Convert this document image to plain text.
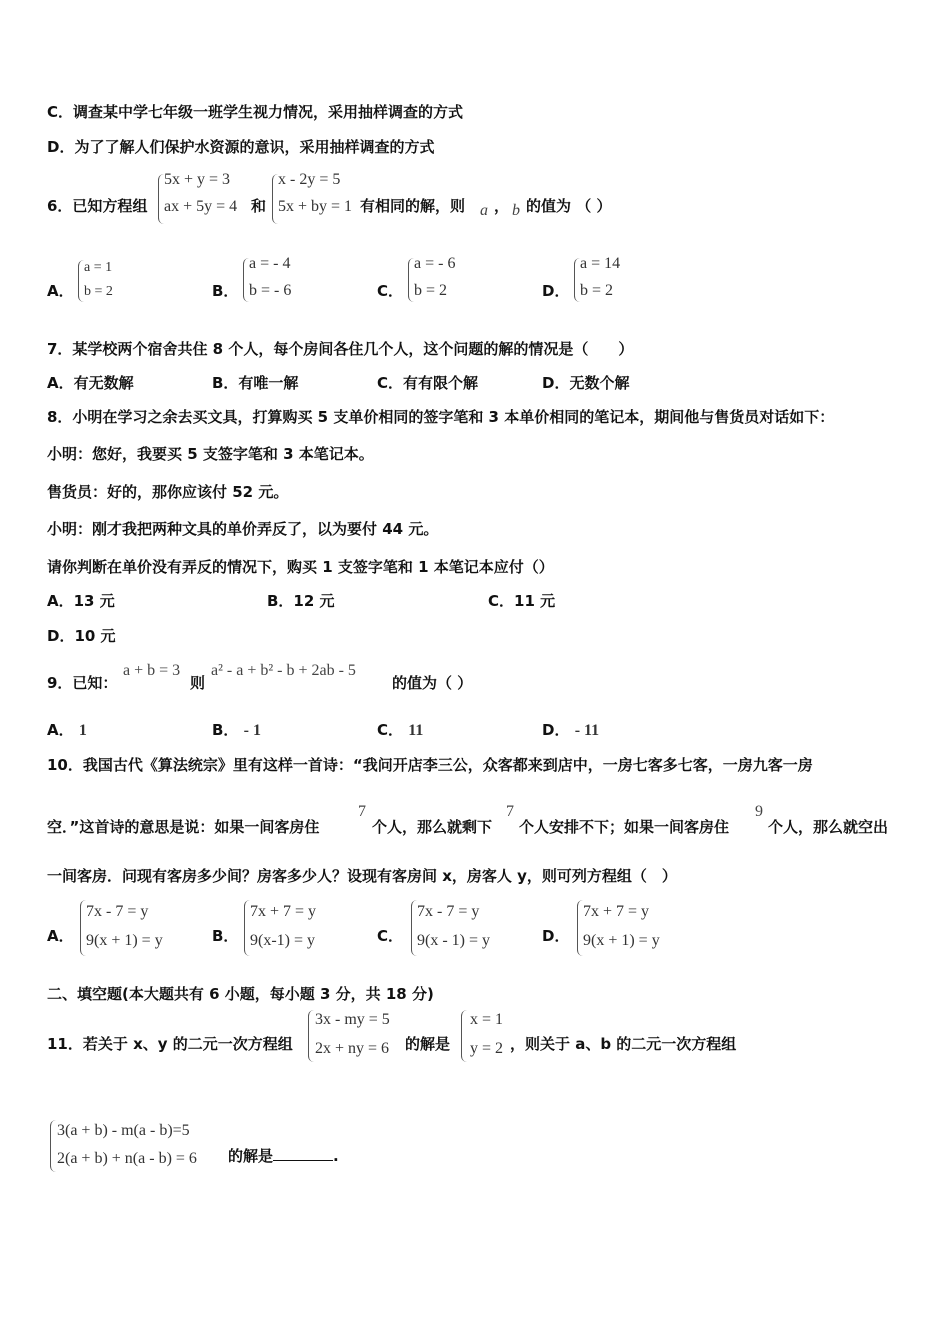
C．调查某中学七年级一班学生视力情况，采用抽样调查的方式
D．为了了解人们保护水资源的意识，采用抽样调查的方式
6．已知方程组
5x + y = 3
ax + 5y = 4 和
x - 2y = 5
5x + by = 1 有相同的解，则 a ， b 的值为 （ ）
A．
a = 1
b = 2	B．
a = - 4
b = - 6	C．
a = - 6
b = 2	D．
a = 14
b = 2
7．某学校两个宿舍共住 8 个人，每个房间各住几个人，这个问题的解的情况是（　　）
A．有无数解	B．有唯一解	C．有有限个解	D．无数个解
8．小明在学习之余去买文具，打算购买 5 支单价相同的签字笔和 3 本单价相同的笔记本，期间他与售货员对话如下：
小明：您好，我要买 5 支签字笔和 3 本笔记本。
售货员：好的，那你应该付 52 元。
小明：刚才我把两种文具的单价弄反了，以为要付 44 元。
请你判断在单价没有弄反的情况下，购买 1 支签字笔和 1 本笔记本应付（）
A．13 元	B．12 元	C．11 元
D．10 元
9．已知：
a + b = 3
则
a² - a + b² - b + 2ab - 5
的值为（ ）
A． 1	B． - 1	C． 11	D． - 11
10．我国古代《算法统宗》里有这样一首诗：“我问开店李三公，众客都来到店中，一房七客多七客，一房九客一房
空．”这首诗的意思是说：如果一间客房住
7
个人，那么就剩下
7
个人安排不下；如果一间客房住
9
个人，那么就空出
一间客房．问现有客房多少间？房客多少人？设现有客房间 x，房客人 y，则可列方程组（　）
A．
7x - 7 = y
9(x + 1) = y	B．
7x + 7 = y
9(x-1) = y	C．
7x - 7 = y
9(x - 1) = y	D．
7x + 7 = y
9(x + 1) = y
二、填空题(本大题共有 6 小题，每小题 3 分，共 18 分)
11．若关于 x、y 的二元一次方程组
3x - my = 5
2x + ny = 6 的解是
x = 1
y = 2 ，则关于 a、b 的二元一次方程组
3(a + b) - m(a - b)=5
2(a + b) + n(a - b) = 6 的解是	.
